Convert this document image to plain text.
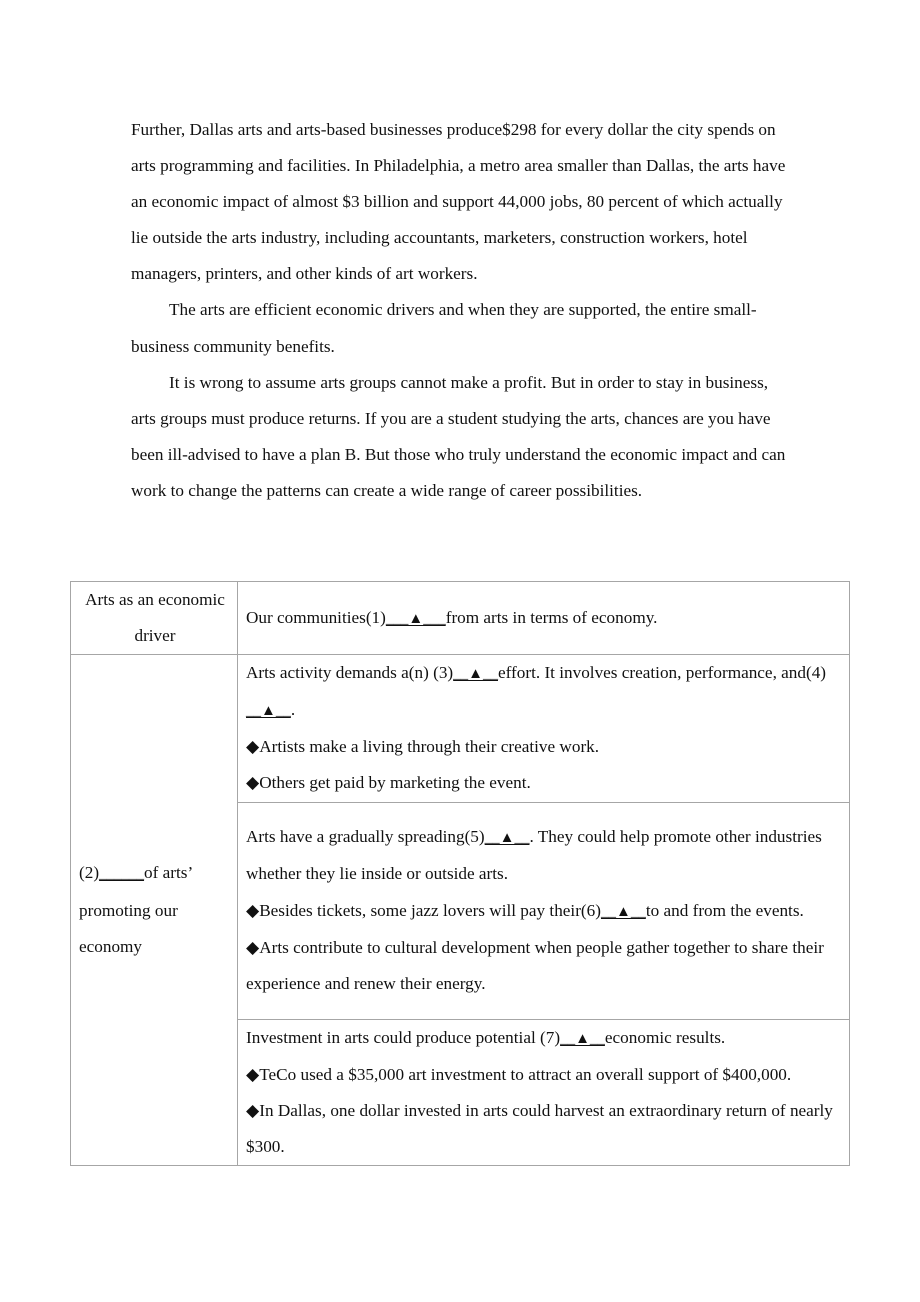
Further, Dallas arts and arts-based businesses produce$298 for every dollar the city spends on arts programming and facilities. In Philadelphia, a metro area smaller than Dallas, the arts have an economic impact of almost $3 billion and support 44,000 jobs, 80 percent of which actually lie outside the arts industry, including accountants, marketers, construction workers, hotel managers, printers, and other kinds of art workers.

The arts are efficient economic drivers and when they are supported, the entire small-business community benefits.

It is wrong to assume arts groups cannot make a profit. But in order to stay in business, arts groups must produce returns. If you are a student studying the arts, chances are you have been ill-advised to have a plan B. But those who truly understand the economic impact and can work to change the patterns can create a wide range of career possibilities.

Arts as an economic driver	Our communities(1)___▲___from arts in terms of economy.

(2)______of arts’ promoting our economy	Arts activity demands a(n) (3)__▲__effort. It involves creation, performance, and(4)__▲__.
◆Artists make a living through their creative work.
◆Others get paid by marketing the event.

	Arts have a gradually spreading(5)__▲__. They could help promote other industries whether they lie inside or outside arts.
◆Besides tickets, some jazz lovers will pay their(6)__▲__to and from the events.
◆Arts contribute to cultural development when people gather together to share their experience and renew their energy.

	Investment in arts could produce potential (7)__▲__economic results.
◆TeCo used a $35,000 art investment to attract an overall support of $400,000.
◆In Dallas, one dollar invested in arts could harvest an extraordinary return of nearly $300.
